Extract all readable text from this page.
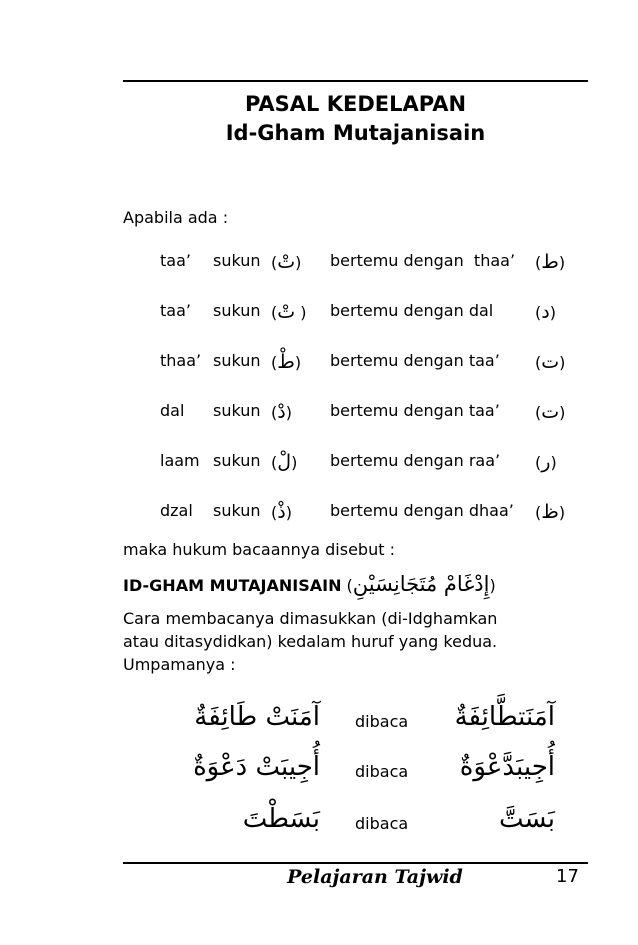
PASAL KEDELAPAN
Id-Gham Mutajanisain
Apabila ada :
taa’ sukun (تْ) bertemu dengan thaa’ (ط)
taa’ sukun (تْ ) bertemu dengan dal	(د)
thaa’ sukun (طْ) bertemu dengan taa’ (ت)
dal sukun (دْ) bertemu dengan taa’ (ت)
laam sukun (لْ) bertemu dengan raa’ (ر)
dzal sukun (ذْ) bertemu dengan dhaa’ (ظ)
maka hukum bacaannya disebut :
ID-GHAM MUTAJANISAIN (إِدْغَامْ مُتَجَانِسَيْنِ)
Cara membacanya dimasukkan (di-Idghamkan
atau ditasydidkan) kedalam huruf yang kedua.
Umpamanya :
آمَنَتْ طَائِفَةٌ dibaca آمَنَتطَّائِفَةٌ
أُجِيبَتْ دَعْوَةٌ dibaca أُجِيبَدَّعْوَةٌ
بَسَطْتَ dibaca	بَسَتَّ
Pelajaran Tajwid	17
